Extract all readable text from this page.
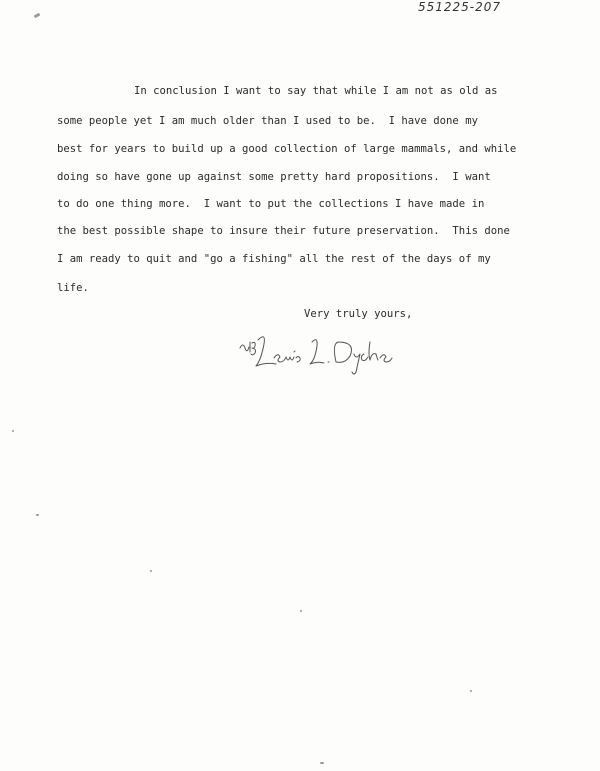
551225-207
In conclusion I want to say that while I am not as old as
some people yet I am much older than I used to be.  I have done my
best for years to build up a good collection of large mammals, and while
doing so have gone up against some pretty hard propositions.  I want
to do one thing more.  I want to put the collections I have made in
the best possible shape to insure their future preservation.  This done
I am ready to quit and "go a fishing" all the rest of the days of my
life.
Very truly yours,
